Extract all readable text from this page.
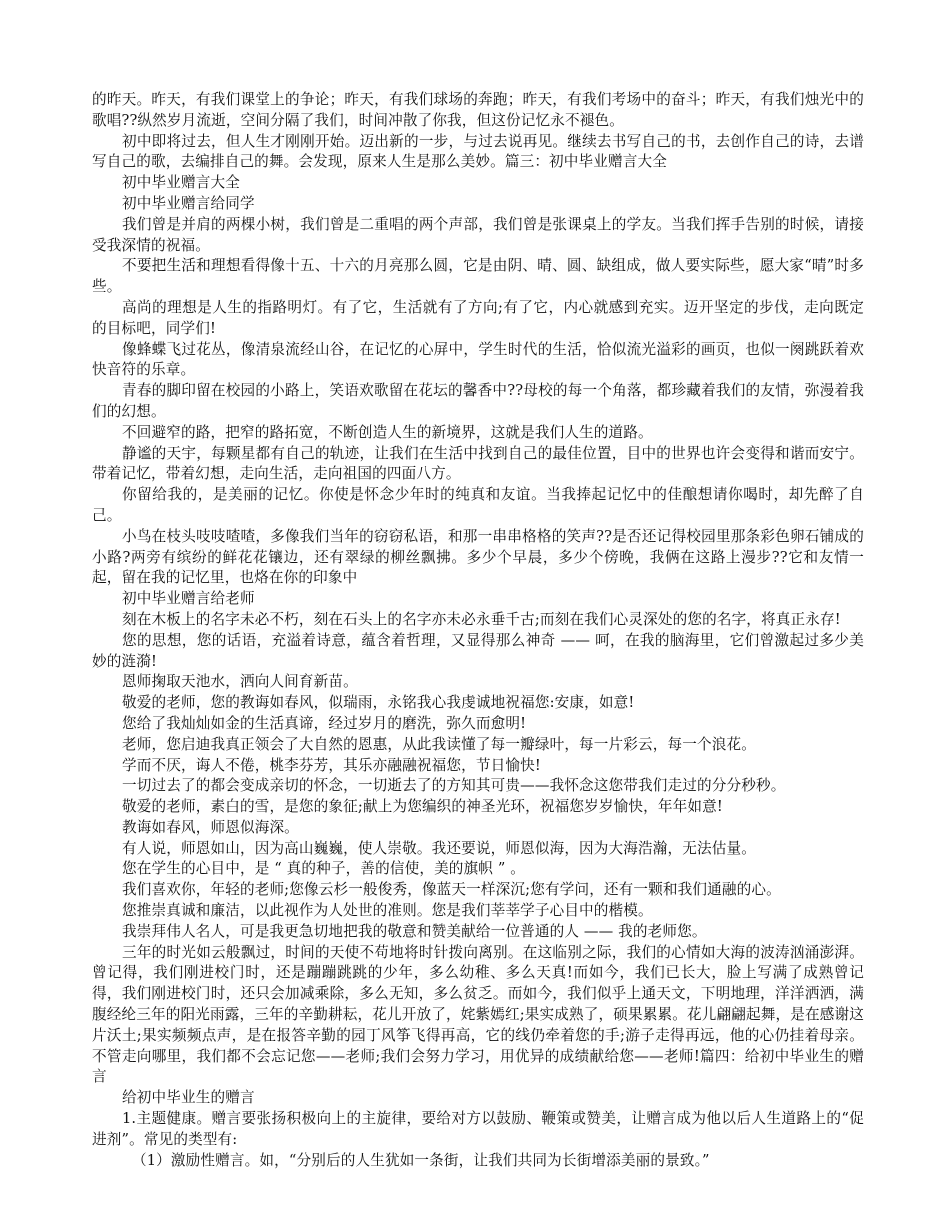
的昨天。昨天，有我们课堂上的争论；昨天，有我们球场的奔跑；昨天，有我们考场中的奋斗；昨天，有我们烛光中的歌唱??纵然岁月流逝，空间分隔了我们，时间冲散了你我，但这份记忆永不褪色。

初中即将过去，但人生才刚刚开始。迈出新的一步，与过去说再见。继续去书写自己的书，去创作自己的诗，去谱写自己的歌，去编排自己的舞。会发现，原来人生是那么美妙。篇三：初中毕业赠言大全

初中毕业赠言大全

初中毕业赠言给同学

我们曾是并肩的两棵小树，我们曾是二重唱的两个声部，我们曾是张课桌上的学友。当我们挥手告别的时候，请接受我深情的祝福。

不要把生活和理想看得像十五、十六的月亮那么圆，它是由阴、晴、圆、缺组成，做人要实际些，愿大家“晴”时多些。

高尚的理想是人生的指路明灯。有了它，生活就有了方向;有了它，内心就感到充实。迈开坚定的步伐，走向既定的目标吧，同学们!

像蜂蝶飞过花丛，像清泉流经山谷，在记忆的心屏中，学生时代的生活，恰似流光溢彩的画页，也似一阕跳跃着欢快音符的乐章。

青春的脚印留在校园的小路上，笑语欢歌留在花坛的馨香中??母校的每一个角落，都珍藏着我们的友情，弥漫着我们的幻想。

不回避窄的路，把窄的路拓宽，不断创造人生的新境界，这就是我们人生的道路。

静谧的天宇，每颗星都有自己的轨迹，让我们在生活中找到自己的最佳位置，目中的世界也许会变得和谐而安宁。带着记忆，带着幻想，走向生活，走向祖国的四面八方。

你留给我的，是美丽的记忆。你使是怀念少年时的纯真和友谊。当我捧起记忆中的佳酿想请你喝时，却先醉了自己。

小鸟在枝头吱吱喳喳，多像我们当年的窃窃私语，和那一串串格格的笑声??是否还记得校园里那条彩色卵石铺成的小路?两旁有缤纷的鲜花花镶边，还有翠绿的柳丝飘拂。多少个早晨，多少个傍晚，我俩在这路上漫步??它和友情一起，留在我的记忆里，也烙在你的印象中

初中毕业赠言给老师

刻在木板上的名字未必不朽，刻在石头上的名字亦未必永垂千古;而刻在我们心灵深处的您的名字，将真正永存!

您的思想，您的话语，充溢着诗意，蕴含着哲理，又显得那么神奇 —— 呵，在我的脑海里，它们曾激起过多少美妙的涟漪!

恩师掬取天池水，洒向人间育新苗。

敬爱的老师，您的教诲如春风，似瑞雨，永铭我心我虔诚地祝福您:安康，如意!

您给了我灿灿如金的生活真谛，经过岁月的磨洗，弥久而愈明!

老师，您启迪我真正领会了大自然的恩惠，从此我读懂了每一瓣绿叶，每一片彩云，每一个浪花。

学而不厌，诲人不倦，桃李芬芳，其乐亦融融祝福您，节日愉快!

一切过去了的都会变成亲切的怀念，一切逝去了的方知其可贵——我怀念这您带我们走过的分分秒秒。

敬爱的老师，素白的雪，是您的象征;献上为您编织的神圣光环，祝福您岁岁愉快，年年如意!

教诲如春风，师恩似海深。

有人说，师恩如山，因为高山巍巍，使人崇敬。我还要说，师恩似海，因为大海浩瀚，无法估量。

您在学生的心目中，是 “ 真的种子，善的信使，美的旗帜 ” 。

我们喜欢你，年轻的老师;您像云杉一般俊秀，像蓝天一样深沉;您有学问，还有一颗和我们通融的心。

您推崇真诚和廉洁，以此视作为人处世的准则。您是我们莘莘学子心目中的楷模。

我崇拜伟人名人，可是我更急切地把我的敬意和赞美献给一位普通的人 —— 我的老师您。

三年的时光如云般飘过，时间的天使不苟地将时针拨向离别。在这临别之际，我们的心情如大海的波涛汹涌澎湃。曾记得，我们刚进校门时，还是蹦蹦跳跳的少年，多么幼稚、多么天真!而如今，我们已长大，脸上写满了成熟曾记得，我们刚进校门时，还只会加减乘除，多么无知，多么贫乏。而如今，我们似乎上通天文，下明地理，洋洋洒洒，满腹经纶三年的阳光雨露，三年的辛勤耕耘，花儿开放了，姹紫嫣红;果实成熟了，硕果累累。花儿翩翩起舞，是在感谢这片沃土;果实频频点声，是在报答辛勤的园丁风筝飞得再高，它的线仍牵着您的手;游子走得再远，他的心仍挂着母亲。不管走向哪里，我们都不会忘记您——老师;我们会努力学习，用优异的成绩献给您——老师!篇四：给初中毕业生的赠言

给初中毕业生的赠言

1.主题健康。赠言要张扬积极向上的主旋律，要给对方以鼓励、鞭策或赞美，让赠言成为他以后人生道路上的“促进剂”。常见的类型有:

（1）激励性赠言。如，“分别后的人生犹如一条街，让我们共同为长街增添美丽的景致。”
